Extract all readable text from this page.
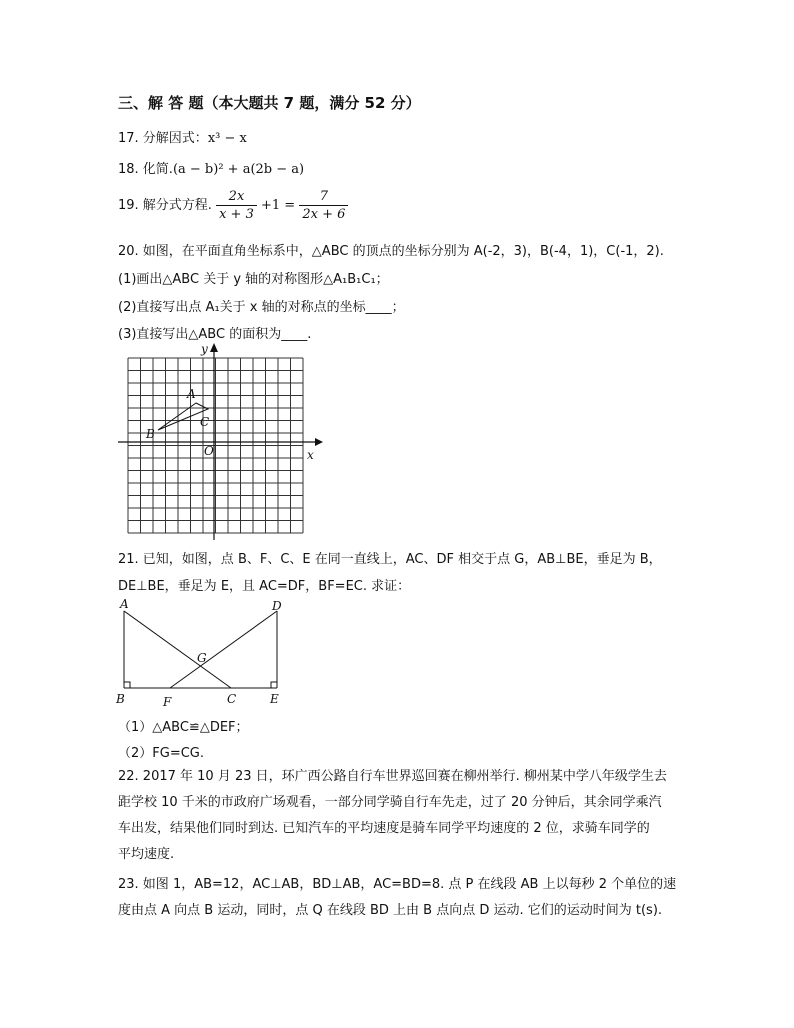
三、解 答 题（本大题共 7 题，满分 52 分）
17. 分解因式：x³ − x
18. 化简.(a − b)² + a(2b − a)
19. 解分式方程. $\frac{2x}{x + 3} +1 = \frac{7}{2x + 6}$
20. 如图，在平面直角坐标系中，△ABC 的顶点的坐标分别为 A(-2，3)，B(-4，1)，C(-1，2).
(1)画出△ABC 关于 y 轴的对称图形△A₁B₁C₁；
(2)直接写出点 A₁关于 x 轴的对称点的坐标____；
(3)直接写出△ABC 的面积为____.
y
x
O
A
B
C
21. 已知，如图，点 B、F、C、E 在同一直线上，AC、DF 相交于点 G，AB⊥BE，垂足为 B，
DE⊥BE，垂足为 E，且 AC=DF，BF=EC. 求证：
A	D
G
B	F	C	E
（1）△ABC≌△DEF；
（2）FG=CG.
22. 2017 年 10 月 23 日，环广西公路自行车世界巡回赛在柳州举行. 柳州某中学八年级学生去
距学校 10 千米的市政府广场观看，一部分同学骑自行车先走，过了 20 分钟后，其余同学乘汽
车出发，结果他们同时到达. 已知汽车的平均速度是骑车同学平均速度的 2 位，求骑车同学的
平均速度.
23. 如图 1，AB=12，AC⊥AB，BD⊥AB，AC=BD=8. 点 P 在线段 AB 上以每秒 2 个单位的速
度由点 A 向点 B 运动，同时，点 Q 在线段 BD 上由 B 点向点 D 运动. 它们的运动时间为 t(s).
